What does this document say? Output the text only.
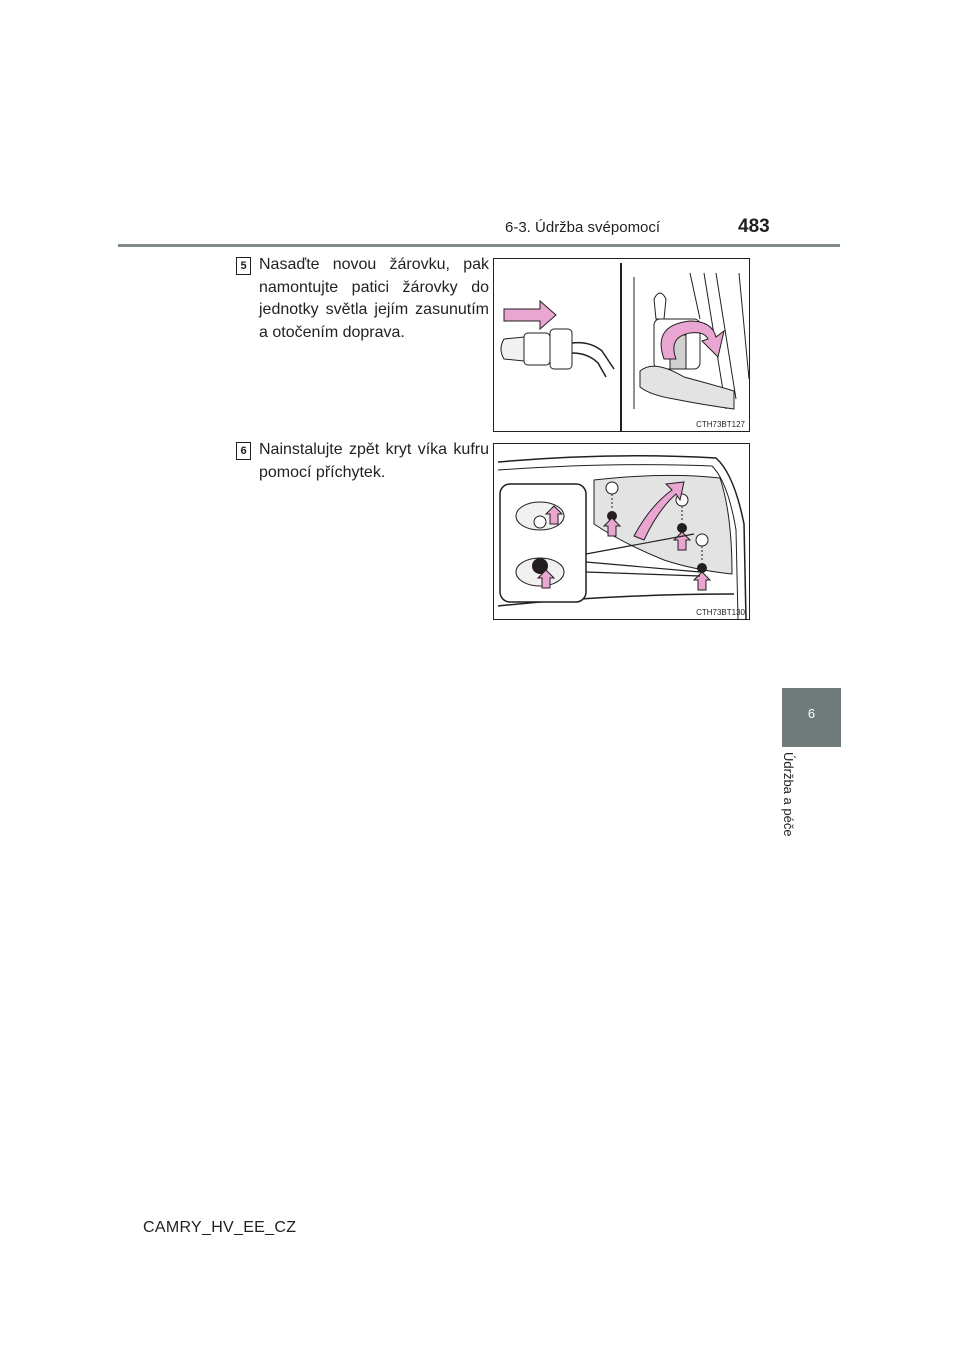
6-3. Údržba svépomocí	483
6
Údržba a péče
5 Nasaďte novou žárovku, pak namontujte patici žárovky do jednotky světla jejím zasunutím a otočením doprava.
CTH73BT127
6 Nainstalujte zpět kryt víka kufru pomocí příchytek.
CTH73BT130
CAMRY_HV_EE_CZ
